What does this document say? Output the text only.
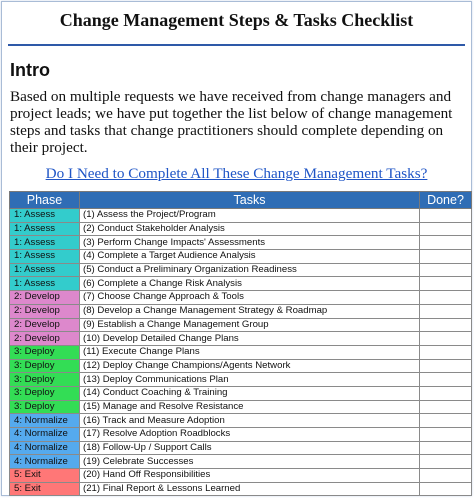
Change Management Steps & Tasks Checklist
Intro
Based on multiple requests we have received from change managers and project leads; we have put together the list below of change management steps and tasks that change practitioners should complete depending on their project.
Do I Need to Complete All These Change Management Tasks?
Phase	Tasks	Done?
1: Assess	(1) Assess the Project/Program	
1: Assess	(2) Conduct Stakeholder Analysis	
1: Assess	(3) Perform Change Impacts' Assessments	
1: Assess	(4) Complete a Target Audience Analysis	
1: Assess	(5) Conduct a Preliminary Organization Readiness	
1: Assess	(6) Complete a Change Risk Analysis	
2: Develop	(7) Choose Change Approach & Tools	
2: Develop	(8) Develop a Change Management Strategy & Roadmap	
2: Develop	(9) Establish a Change Management Group	
2: Develop	(10) Develop Detailed Change Plans	
3: Deploy	(11) Execute Change Plans	
3: Deploy	(12) Deploy Change Champions/Agents Network	
3: Deploy	(13) Deploy Communications Plan	
3: Deploy	(14) Conduct Coaching & Training	
3: Deploy	(15) Manage and Resolve Resistance	
4: Normalize	(16) Track and Measure Adoption	
4: Normalize	(17) Resolve Adoption Roadblocks	
4: Normalize	(18) Follow-Up / Support Calls	
4: Normalize	(19) Celebrate Successes	
5: Exit	(20) Hand Off Responsibilities	
5: Exit	(21) Final Report & Lessons Learned	
